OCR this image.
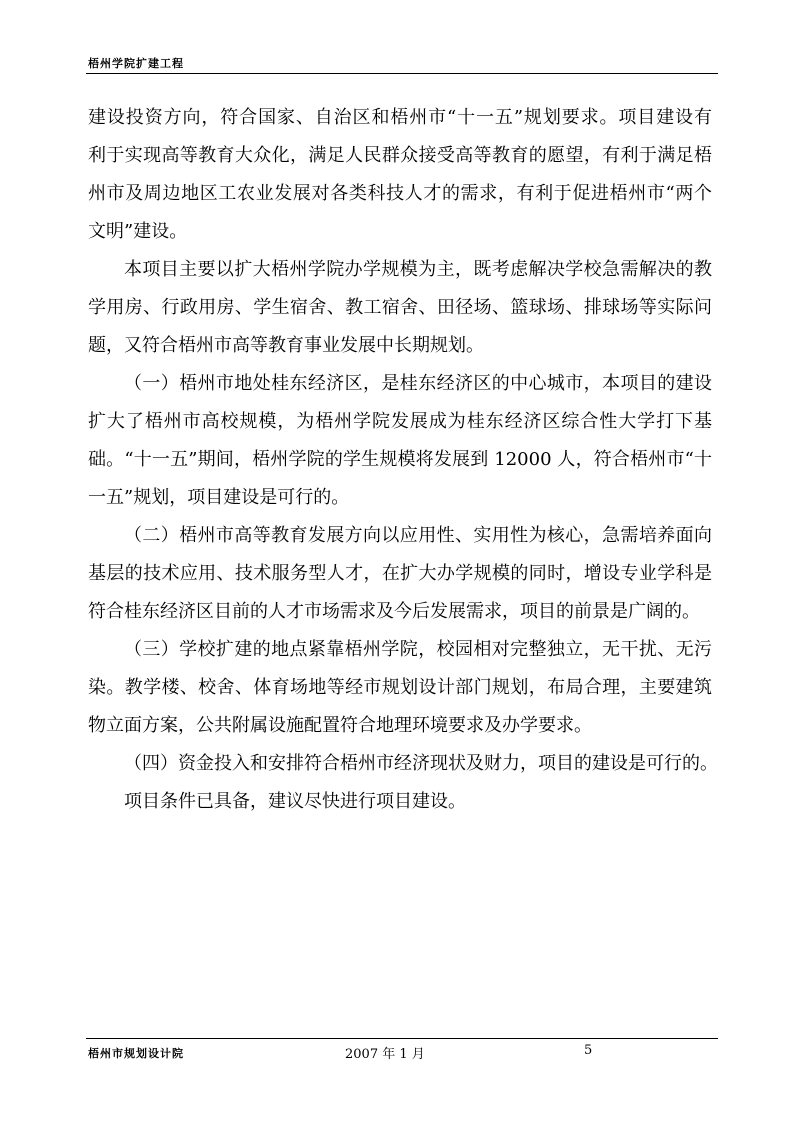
梧州学院扩建工程
建设投资方向，符合国家、自治区和梧州市“十一五”规划要求。项目建设有
利于实现高等教育大众化，满足人民群众接受高等教育的愿望，有利于满足梧
州市及周边地区工农业发展对各类科技人才的需求，有利于促进梧州市“两个
文明”建设。
本项目主要以扩大梧州学院办学规模为主，既考虑解决学校急需解决的教
学用房、行政用房、学生宿舍、教工宿舍、田径场、篮球场、排球场等实际问
题，又符合梧州市高等教育事业发展中长期规划。
（一）梧州市地处桂东经济区，是桂东经济区的中心城市，本项目的建设
扩大了梧州市高校规模，为梧州学院发展成为桂东经济区综合性大学打下基
础。“十一五”期间，梧州学院的学生规模将发展到 12000 人，符合梧州市“十
一五”规划，项目建设是可行的。
（二）梧州市高等教育发展方向以应用性、实用性为核心，急需培养面向
基层的技术应用、技术服务型人才，在扩大办学规模的同时，增设专业学科是
符合桂东经济区目前的人才市场需求及今后发展需求，项目的前景是广阔的。
（三）学校扩建的地点紧靠梧州学院，校园相对完整独立，无干扰、无污
染。教学楼、校舍、体育场地等经市规划设计部门规划，布局合理，主要建筑
物立面方案，公共附属设施配置符合地理环境要求及办学要求。
（四）资金投入和安排符合梧州市经济现状及财力，项目的建设是可行的。
项目条件已具备，建议尽快进行项目建设。
梧州市规划设计院	2007 年 1 月	5
